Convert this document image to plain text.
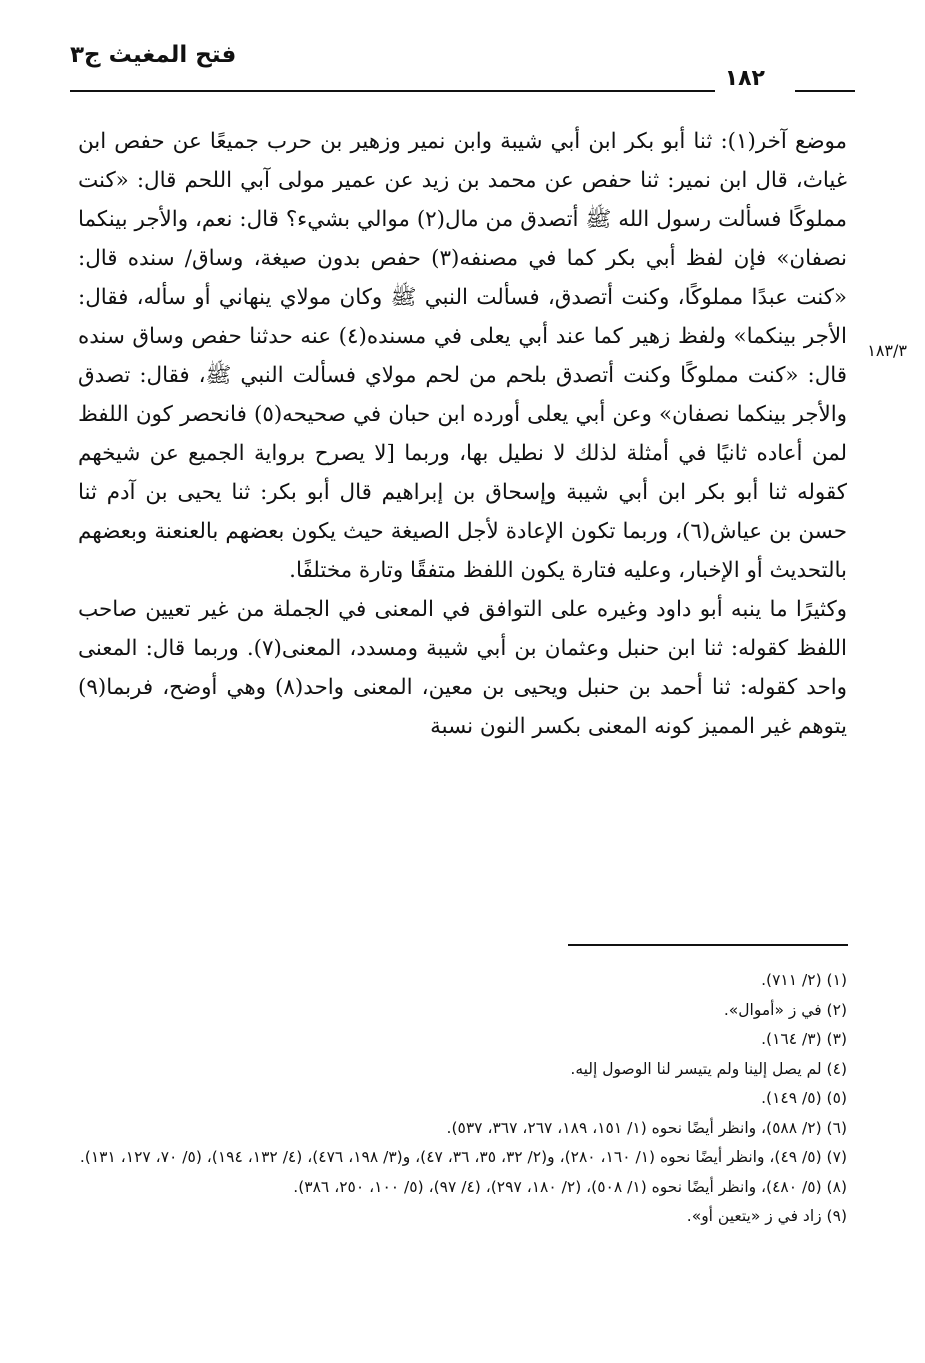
فتح المغيث ج٣
١٨٢
١٨٣/٣

موضع آخر(١): ثنا أبو بكر ابن أبي شيبة وابن نمير وزهير بن حرب جميعًا عن حفص ابن غياث، قال ابن نمير: ثنا حفص عن محمد بن زيد عن عمير مولى آبي اللحم قال: «كنت مملوكًا فسألت رسول الله ﷺ أتصدق من مال(٢) موالي بشيء؟ قال: نعم، والأجر بينكما نصفان» فإن لفظ أبي بكر كما في مصنفه(٣) حفص بدون صيغة، وساق/ سنده قال: «كنت عبدًا مملوكًا، وكنت أتصدق، فسألت النبي ﷺ وكان مولاي ينهاني أو سأله، فقال: الأجر بينكما» ولفظ زهير كما عند أبي يعلى في مسنده(٤) عنه حدثنا حفص وساق سنده قال: «كنت مملوكًا وكنت أتصدق بلحم من لحم مولاي فسألت النبي ﷺ، فقال: تصدق والأجر بينكما نصفان» وعن أبي يعلى أورده ابن حبان في صحيحه(٥) فانحصر كون اللفظ لمن أعاده ثانيًا في أمثلة لذلك لا نطيل بها، وربما [لا يصرح برواية الجميع عن شيخهم كقوله ثنا أبو بكر ابن أبي شيبة وإسحاق بن إبراهيم قال أبو بكر: ثنا يحيى بن آدم ثنا حسن بن عياش(٦)، وربما تكون الإعادة لأجل الصيغة حيث يكون بعضهم بالعنعنة وبعضهم بالتحديث أو الإخبار، وعليه فتارة يكون اللفظ متفقًا وتارة مختلفًا.

وكثيرًا ما ينبه أبو داود وغيره على التوافق في المعنى في الجملة من غير تعيين صاحب اللفظ كقوله: ثنا ابن حنبل وعثمان بن أبي شيبة ومسدد، المعنى(٧). وربما قال: المعنى واحد كقوله: ثنا أحمد بن حنبل ويحيى بن معين، المعنى واحد(٨) وهي أوضح، فربما(٩) يتوهم غير المميز كونه المعنى بكسر النون نسبة

(١) (٢/ ٧١١).

(٢) في ز «أموال».

(٣) (٣/ ١٦٤).

(٤) لم يصل إلينا ولم يتيسر لنا الوصول إليه.

(٥) (٥/ ١٤٩).

(٦) (٢/ ٥٨٨)، وانظر أيضًا نحوه (١/ ١٥١، ١٨٩، ٢٦٧، ٣٦٧، ٥٣٧).

(٧) (٥/ ٤٩)، وانظر أيضًا نحوه (١/ ١٦٠، ٢٨٠)، و(٢/ ٣٢، ٣٥، ٣٦، ٤٧)، و(٣/ ١٩٨، ٤٧٦)، (٤/ ١٣٢، ١٩٤)، (٥/ ٧٠، ١٢٧، ١٣١).

(٨) (٥/ ٤٨٠)، وانظر أيضًا نحوه (١/ ٥٠٨)، (٢/ ١٨٠، ٢٩٧)، (٤/ ٩٧)، (٥/ ١٠٠، ٢٥٠، ٣٨٦).

(٩) زاد في ز «يتعين أو».
